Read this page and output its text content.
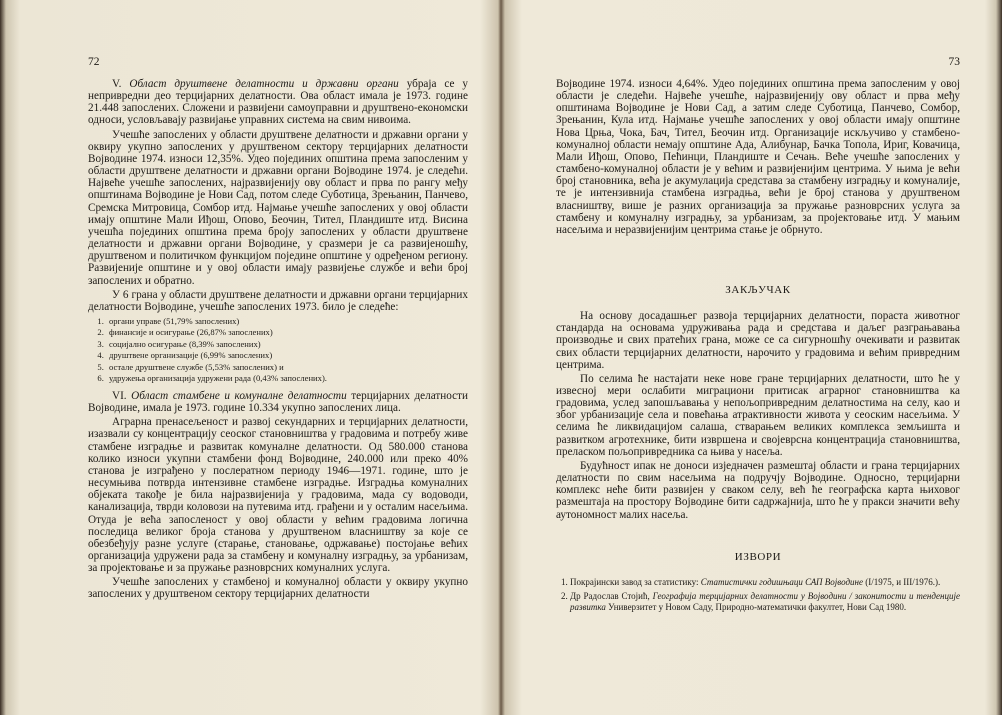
72

V. Област друштвене делатности и државни органи убраја се у непривредни део терцијарних делатности. Ова област имала је 1973. године 21.448 запослених. Сложени и развијени самоуправни и друштвено-економски односи, условљавају развијање управних система на свим нивоима.

Учешће запослених у области друштвене делатности и државни органи у оквиру укупно запослених у друштвеном сектору терцијарних делатности Војводине 1974. износи 12,35%. Удео појединих општина према запосленим у области друштвене делатности и државни органи Војводине 1974. је следећи. Највеће учешће запослених, најразвијенију ову област и прва по рангу међу општинама Војводине је Нови Сад, потом следе Суботица, Зрењанин, Панчево, Сремска Митровица, Сомбор итд. Најмање учешће запослених у овој области имају општине Мали Иђош, Опово, Беочин, Тител, Пландиште итд. Висина учешћа појединих општина према броју запослених у области друштвене делатности и државни органи Војводине, у сразмери је са развијеношћу, друштвеном и политичком функцијом поједине општине у одређеном региону. Развијеније општине и у овој области имају развијење службе и већи број запослених и обратно.

У 6 грана у области друштвене делатности и државни органи терцијарних делатности Војводине, учешће запослених 1973. било је следеће:

1. органи управе (51,79% запослених)
2. финансије и осигурање (26,87% запослених)
3. социјално осигурање (8,39% запослених)
4. друштвене организације (6,99% запослених)
5. остале друштвене службе (5,53% запослених) и
6. удружења организација удружени рада (0,43% запослених).

VI. Област стамбене и комуналне делатности терцијарних делатности Војводине, имала је 1973. године 10.334 укупно запослених лица.

Аграрна пренасељеност и развој секундарних и терцијарних делатности, изазвали су концентрацију сеоског становништва у градовима и потребу живе стамбене изградње и развитак комуналне делатности. Од 580.000 станова колико износи укупни стамбени фонд Војводине, 240.000 или преко 40% станова је изграђено у послератном периоду 1946—1971. године, што је несумњива потврда интензивне стамбене изградње. Изградња комуналних објеката такође је била најразвијенија у градовима, мада су водоводи, канализација, тврди коловози на путевима итд. грађени и у осталим насељима. Отуда је већа запосленост у овој области у већим градовима логична последица великог броја станова у друштвеном власништву за које се обезбеђују разне услуге (старање, становање, одржавање) постојање већих организација удружени рада за стамбену и комуналну изградњу, за урбанизам, за пројектовање и за пружање разноврсних комуналних услуга.

Учешће запослених у стамбеној и комуналној области у оквиру укупно запослених у друштвеном сектору терцијарних делатности

73

Војводине 1974. износи 4,64%. Удео појединих општина према запосленим у овој области је следећи. Највеће учешће, најразвијенију ову област и прва међу општинама Војводине је Нови Сад, а затим следе Суботица, Панчево, Сомбор, Зрењанин, Кула итд. Најмање учешће запослених у овој области имају општине Нова Црња, Чока, Бач, Тител, Беочин итд. Организације искључиво у стамбено-комуналној области немају општине Ада, Алибунар, Бачка Топола, Ириг, Ковачица, Мали Иђош, Опово, Пећинци, Пландиште и Сечањ. Веће учешће запослених у стамбено-комуналној области је у већим и развијенијим центрима. У њима је већи број становника, већа је акумулација средстава за стамбену изградњу и комуналије, те је интензивнија стамбена изградња, већи је број станова у друштвеном власништву, више је разних организација за пружање разноврсних услуга за стамбену и комуналну изградњу, за урбанизам, за пројектовање итд. У мањим насељима и неразвијенијим центрима стање је обрнуто.

ЗАКЉУЧАК

На основу досадашњег развоја терцијарних делатности, пораста животног стандарда на основама удруживања рада и средстава и даљег разграњавања производње и свих пратећих грана, може се са сигурношћу очекивати и развитак свих области терцијарних делатности, нарочито у градовима и већим привредним центрима.

По селима ће настајати неке нове гране терцијарних делатности, што ће у извесној мери ослабити миграциони притисак аграрног становништва ка градовима, услед запошљавања у непољопривредним делатностима на селу, као и због урбанизације села и повећања атрактивности живота у сеоским насељима. У селима ће ликвидацијом салаша, стварањем великих комплекса земљишта и развитком агротехнике, бити извршена и својеврсна концентрација становништва, преласком пољопривредника са њива у насеља.

Будућност ипак не доноси изједначен размештај области и грана терцијарних делатности по свим насељима на подручју Војводине. Односно, терцијарни комплекс неће бити развијен у сваком селу, већ ће географска карта њиховог размештаја на простору Војводине бити садржајнија, што ће у пракси значити већу аутономност малих насеља.

ИЗВОРИ
1. Покрајински завод за статистику: Статистички годишњаци САП Војводине (I/1975, и III/1976.).
2. Др Радослав Стојић, Географија терцијарних делатности у Војводини / законитости и тенденције развитка Универзитет у Новом Саду, Природно-математички факултет, Нови Сад 1980.
